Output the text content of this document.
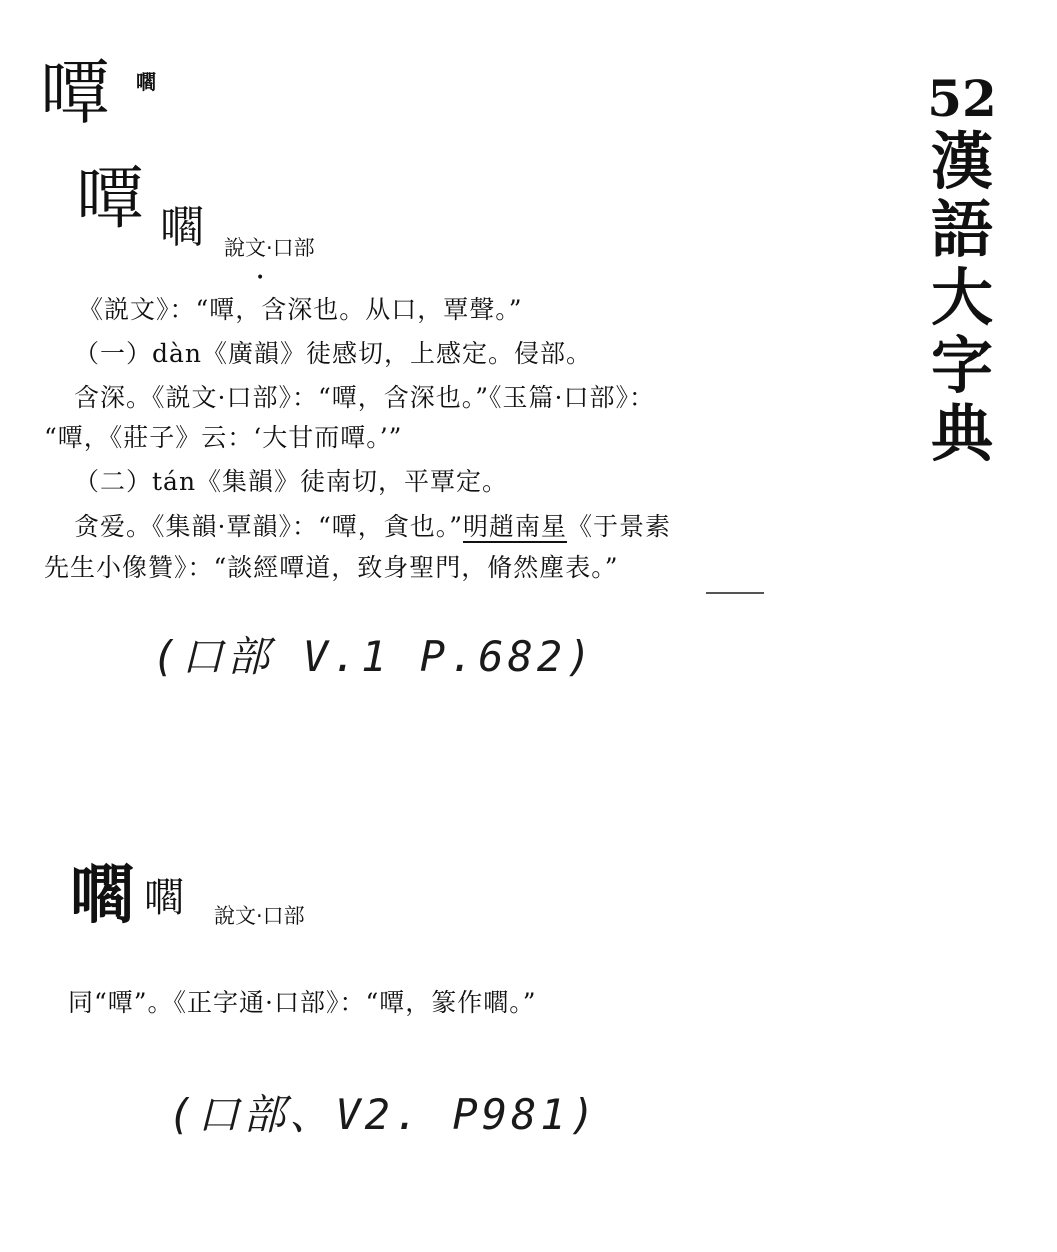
嘾 嚪	52
漢
語
大
字
典
嘾 嚪 說文·口部
•
《説文》：“嘾，含深也。从口，覃聲。”
（一）dàn《廣韻》徒感切，上感定。侵部。
含深。《説文·口部》：“嘾，含深也。”《玉篇·口部》：
“嘾，《莊子》云：‘大甘而嘾。’”
（二）tán《集韻》徒南切，平覃定。
贪爱。《集韻·覃韻》：“嘾，貪也。”明趙南星《于景素
先生小像贊》：“談經嘾道，致身聖門，脩然塵表。”
(口部 V.1 P.682)
嚪 嚪 說文·口部
同“嘾”。《正字通·口部》：“嘾，篆作嚪。”
(口部、V2. P981)
